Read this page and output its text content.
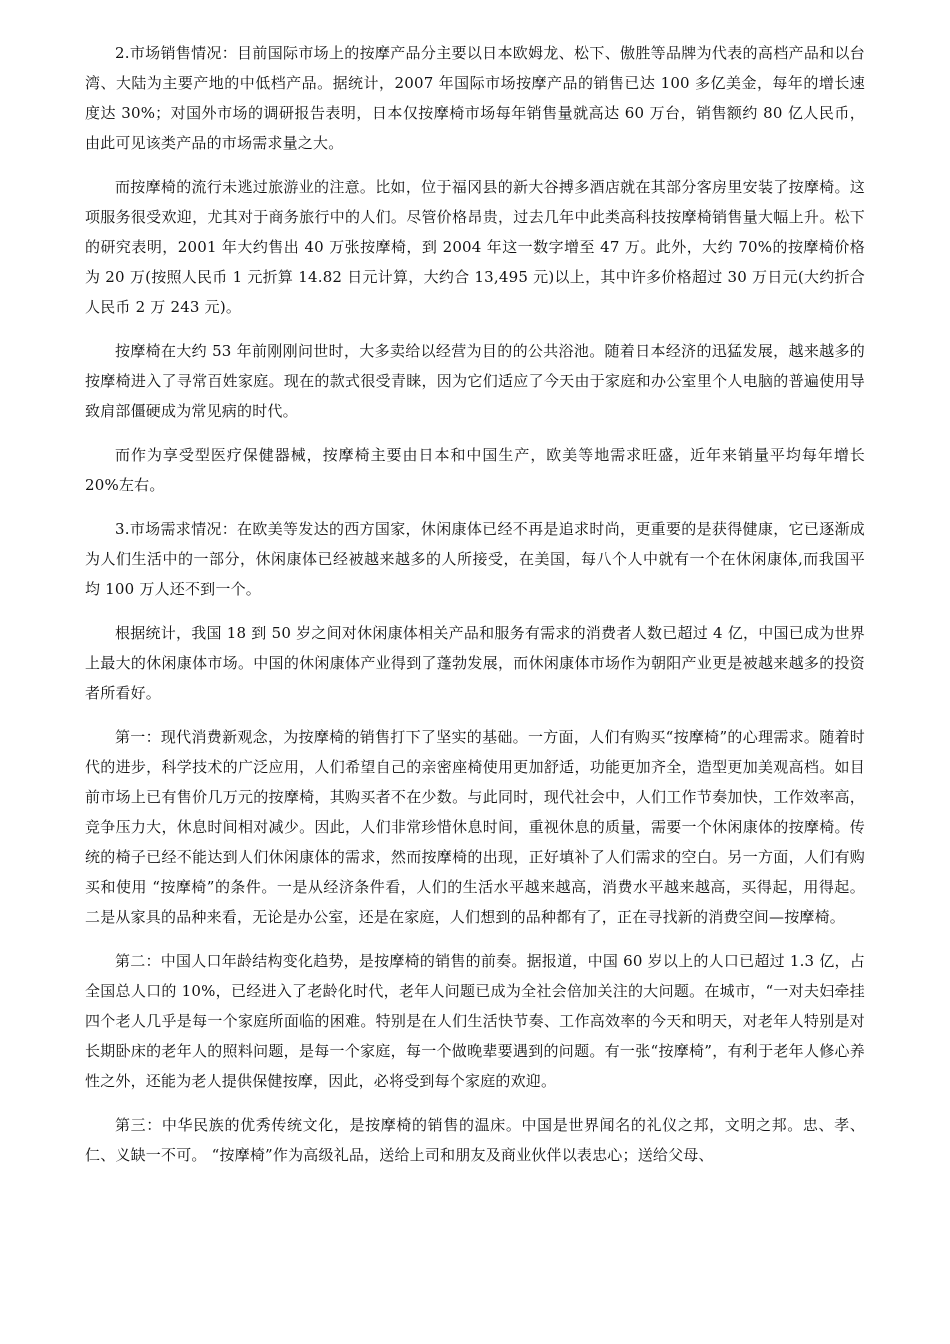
2.市场销售情况：目前国际市场上的按摩产品分主要以日本欧姆龙、松下、傲胜等品牌为代表的高档产品和以台湾、大陆为主要产地的中低档产品。据统计，2007 年国际市场按摩产品的销售已达 100 多亿美金，每年的增长速度达 30%；对国外市场的调研报告表明，日本仅按摩椅市场每年销售量就高达 60 万台，销售额约 80 亿人民币，由此可见该类产品的市场需求量之大。

而按摩椅的流行未逃过旅游业的注意。比如，位于福冈县的新大谷搏多酒店就在其部分客房里安装了按摩椅。这项服务很受欢迎，尤其对于商务旅行中的人们。尽管价格昂贵，过去几年中此类高科技按摩椅销售量大幅上升。松下的研究表明，2001 年大约售出 40 万张按摩椅，到 2004 年这一数字增至 47 万。此外，大约 70%的按摩椅价格为 20 万(按照人民币 1 元折算 14.82 日元计算，大约合 13,495 元)以上，其中许多价格超过 30 万日元(大约折合人民币 2 万 243 元)。

按摩椅在大约 53 年前刚刚问世时，大多卖给以经营为目的的公共浴池。随着日本经济的迅猛发展，越来越多的按摩椅进入了寻常百姓家庭。现在的款式很受青睐，因为它们适应了今天由于家庭和办公室里个人电脑的普遍使用导致肩部僵硬成为常见病的时代。

而作为享受型医疗保健器械，按摩椅主要由日本和中国生产，欧美等地需求旺盛，近年来销量平均每年增长 20%左右。

3.市场需求情况：在欧美等发达的西方国家，休闲康体已经不再是追求时尚，更重要的是获得健康，它已逐渐成为人们生活中的一部分，休闲康体已经被越来越多的人所接受，在美国，每八个人中就有一个在休闲康体,而我国平均 100 万人还不到一个。

根据统计，我国 18 到 50 岁之间对休闲康体相关产品和服务有需求的消费者人数已超过 4 亿，中国已成为世界上最大的休闲康体市场。中国的休闲康体产业得到了蓬勃发展，而休闲康体市场作为朝阳产业更是被越来越多的投资者所看好。

第一：现代消费新观念，为按摩椅的销售打下了坚实的基础。一方面，人们有购买“按摩椅”的心理需求。随着时代的进步，科学技术的广泛应用，人们希望自己的亲密座椅使用更加舒适，功能更加齐全，造型更加美观高档。如目前市场上已有售价几万元的按摩椅，其购买者不在少数。与此同时，现代社会中，人们工作节奏加快，工作效率高，竞争压力大，休息时间相对减少。因此，人们非常珍惜休息时间，重视休息的质量，需要一个休闲康体的按摩椅。传统的椅子已经不能达到人们休闲康体的需求，然而按摩椅的出现，正好填补了人们需求的空白。另一方面，人们有购买和使用 “按摩椅”的条件。一是从经济条件看，人们的生活水平越来越高，消费水平越来越高，买得起，用得起。二是从家具的品种来看，无论是办公室，还是在家庭，人们想到的品种都有了，正在寻找新的消费空间—按摩椅。

第二：中国人口年龄结构变化趋势，是按摩椅的销售的前奏。据报道，中国 60 岁以上的人口已超过 1.3 亿，占全国总人口的 10%，已经进入了老龄化时代，老年人问题已成为全社会倍加关注的大问题。在城市，“一对夫妇牵挂四个老人几乎是每一个家庭所面临的困难。特别是在人们生活快节奏、工作高效率的今天和明天，对老年人特别是对长期卧床的老年人的照料问题，是每一个家庭，每一个做晚辈要遇到的问题。有一张“按摩椅”，有利于老年人修心养性之外，还能为老人提供保健按摩，因此，必将受到每个家庭的欢迎。

第三：中华民族的优秀传统文化，是按摩椅的销售的温床。中国是世界闻名的礼仪之邦，文明之邦。忠、孝、仁、义缺一不可。 “按摩椅”作为高级礼品，送给上司和朋友及商业伙伴以表忠心；送给父母、
